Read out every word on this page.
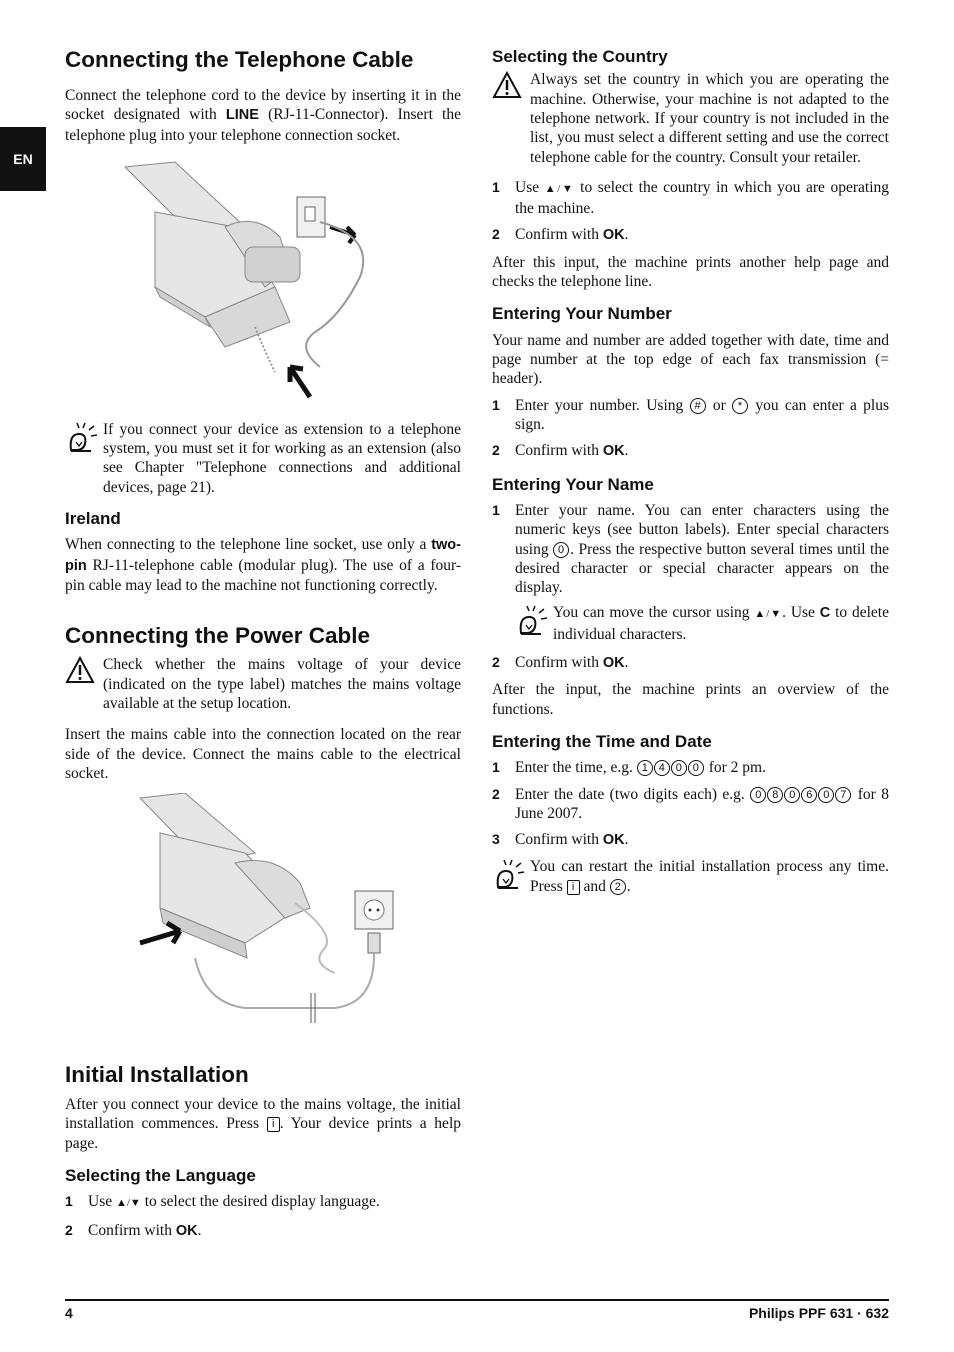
EN
Connecting the Telephone Cable

Connect the telephone cord to the device by inserting it in the socket designated with LINE (RJ-11-Connector). Insert the telephone plug into your telephone connection socket.

If you connect your device as extension to a telephone system, you must set it for working as an extension (also see Chapter "Telephone connections and additional devices, page 21).
Ireland

When connecting to the telephone line socket, use only a two-pin RJ-11-telephone cable (modular plug). The use of a four-pin cable may lead to the machine not functioning correctly.

Connecting the Power Cable
Check whether the mains voltage of your device (indicated on the type label) matches the mains voltage available at the setup location.

Insert the mains cable into the connection located on the rear side of the device. Connect the mains cable to the electrical socket.

Initial Installation

After you connect your device to the mains voltage, the initial installation commences. Press i . Your device prints a help page.

Selecting the Language
1 Use ▲/▼ to select the desired display language.
2 Confirm with OK.
Selecting the Country
Always set the country in which you are operating the machine. Otherwise, your machine is not adapted to the telephone network. If your country is not included in the list, you must select a different setting and use the correct telephone cable for the country. Consult your retailer.
1 Use ▲/▼ to select the country in which you are operating the machine.
2 Confirm with OK.

After this input, the machine prints another help page and checks the telephone line.

Entering Your Number

Your name and number are added together with date, time and page number at the top edge of each fax transmission (= header).

1 Enter your number. Using # or * you can enter a plus sign.
2 Confirm with OK.
Entering Your Name
1 Enter your name. You can enter characters using the numeric keys (see button labels). Enter special characters using 0 . Press the respective button several times until the desired character or special character appears on the display.
You can move the cursor using ▲/▼. Use C to delete individual characters.
2 Confirm with OK.

After the input, the machine prints an overview of the functions.

Entering the Time and Date
1 Enter the time, e.g. 1 4 0 0 for 2 pm.
2 Enter the date (two digits each) e.g. 0 8 0 6 0 7 for 8 June 2007.
3 Confirm with OK.
You can restart the initial installation process any time. Press i and 2 .
4	Philips PPF 631 · 632
